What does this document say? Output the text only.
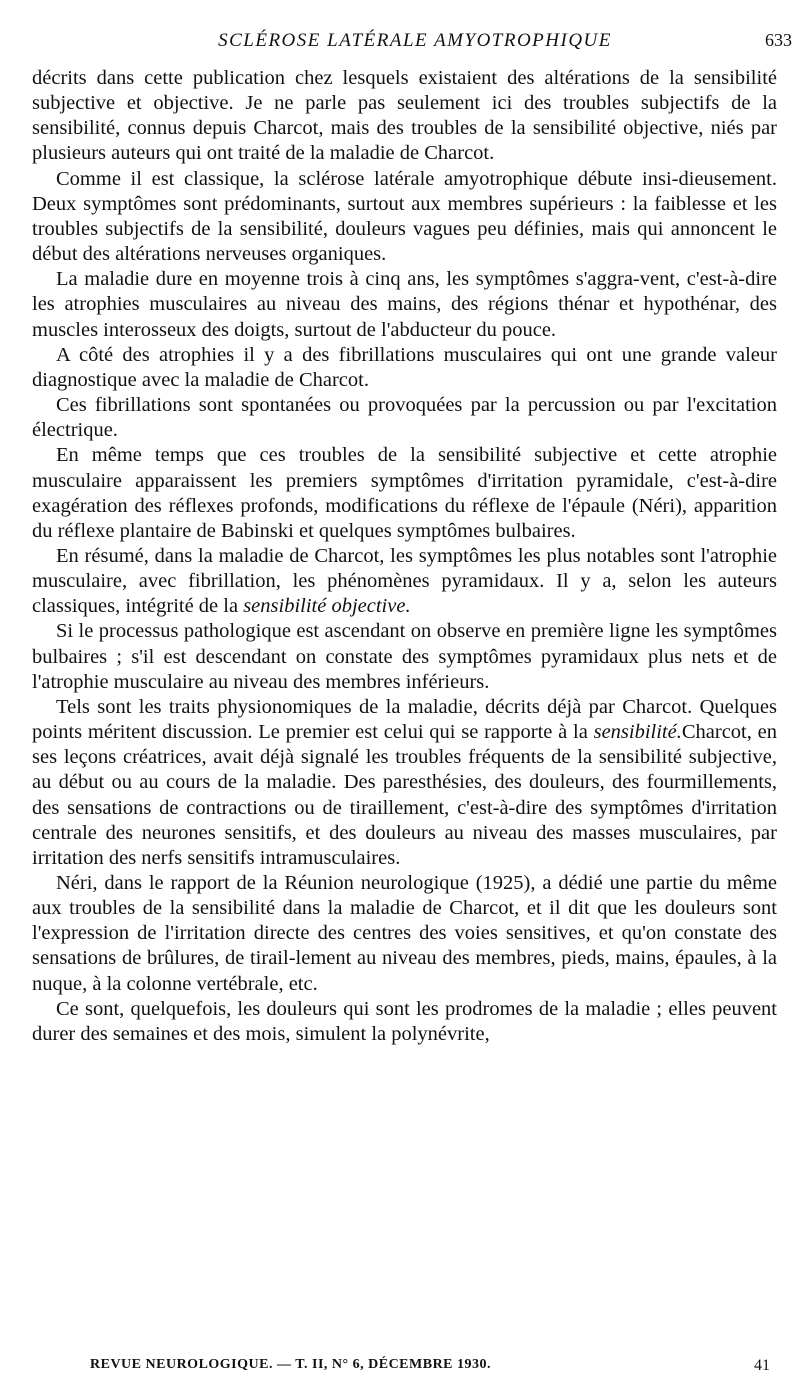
SCLÉROSE LATÉRALE AMYOTROPHIQUE	633

décrits dans cette publication chez lesquels existaient des altérations de la sensibilité subjective et objective. Je ne parle pas seulement ici des troubles subjectifs de la sensibilité, connus depuis Charcot, mais des troubles de la sensibilité objective, niés par plusieurs auteurs qui ont traité de la maladie de Charcot.

Comme il est classique, la sclérose latérale amyotrophique débute insi-dieusement. Deux symptômes sont prédominants, surtout aux membres supérieurs : la faiblesse et les troubles subjectifs de la sensibilité, douleurs vagues peu définies, mais qui annoncent le début des altérations nerveuses organiques.

La maladie dure en moyenne trois à cinq ans, les symptômes s'aggra-vent, c'est-à-dire les atrophies musculaires au niveau des mains, des régions thénar et hypothénar, des muscles interosseux des doigts, surtout de l'abducteur du pouce.

A côté des atrophies il y a des fibrillations musculaires qui ont une grande valeur diagnostique avec la maladie de Charcot.

Ces fibrillations sont spontanées ou provoquées par la percussion ou par l'excitation électrique.

En même temps que ces troubles de la sensibilité subjective et cette atrophie musculaire apparaissent les premiers symptômes d'irritation pyramidale, c'est-à-dire exagération des réflexes profonds, modifications du réflexe de l'épaule (Néri), apparition du réflexe plantaire de Babinski et quelques symptômes bulbaires.

En résumé, dans la maladie de Charcot, les symptômes les plus notables sont l'atrophie musculaire, avec fibrillation, les phénomènes pyramidaux. Il y a, selon les auteurs classiques, intégrité de la sensibilité objective.

Si le processus pathologique est ascendant on observe en première ligne les symptômes bulbaires ; s'il est descendant on constate des symptômes pyramidaux plus nets et de l'atrophie musculaire au niveau des membres inférieurs.

Tels sont les traits physionomiques de la maladie, décrits déjà par Charcot. Quelques points méritent discussion. Le premier est celui qui se rapporte à la sensibilité.Charcot, en ses leçons créatrices, avait déjà signalé les troubles fréquents de la sensibilité subjective, au début ou au cours de la maladie. Des paresthésies, des douleurs, des fourmillements, des sensations de contractions ou de tiraillement, c'est-à-dire des symptômes d'irritation centrale des neurones sensitifs, et des douleurs au niveau des masses musculaires, par irritation des nerfs sensitifs intramusculaires.

Néri, dans le rapport de la Réunion neurologique (1925), a dédié une partie du même aux troubles de la sensibilité dans la maladie de Charcot, et il dit que les douleurs sont l'expression de l'irritation directe des centres des voies sensitives, et qu'on constate des sensations de brûlures, de tirail-lement au niveau des membres, pieds, mains, épaules, à la nuque, à la colonne vertébrale, etc.

Ce sont, quelquefois, les douleurs qui sont les prodromes de la maladie ; elles peuvent durer des semaines et des mois, simulent la polynévrite,

REVUE NEUROLOGIQUE. — T. II, N° 6, DÉCEMBRE 1930.	41
